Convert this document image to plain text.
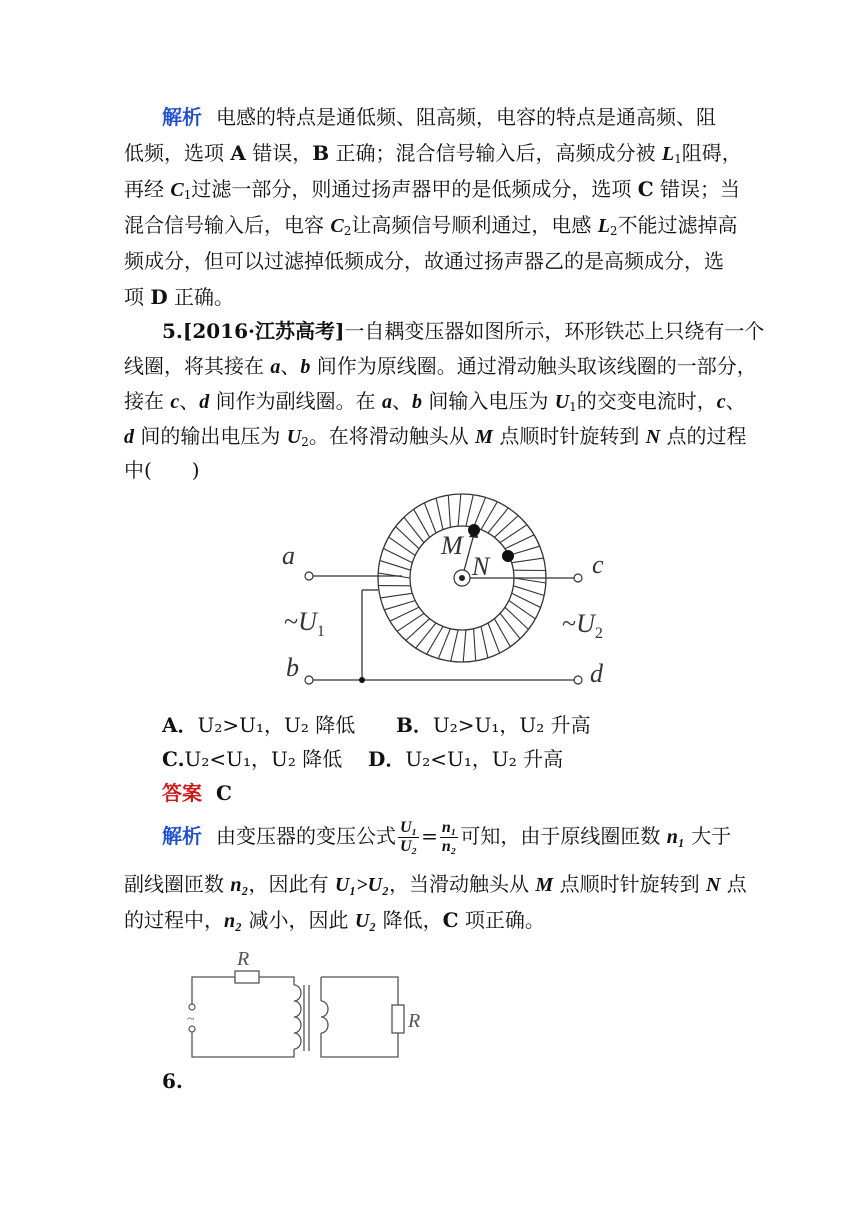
解析 电感的特点是通低频、阻高频，电容的特点是通高频、阻
低频，选项 A 错误，B 正确；混合信号输入后，高频成分被 $L_1$阻碍，
再经 $C_1$过滤一部分，则通过扬声器甲的是低频成分，选项 C 错误；当
混合信号输入后，电容 $C_2$让高频信号顺利通过，电感 $L_2$不能过滤掉高
频成分，但可以过滤掉低频成分，故通过扬声器乙的是高频成分，选
项 D 正确。
5.[2016·江苏高考]一自耦变压器如图所示，环形铁芯上只绕有一个
线圈，将其接在 a、b 间作为原线圈。通过滑动触头取该线圈的一部分，
接在 c、d 间作为副线圈。在 a、b 间输入电压为 $U_1$的交变电流时，c、
d 间的输出电压为 $U_2$。在将滑动触头从 M 点顺时针旋转到 N 点的过程
中(　　)
a
b
c
d
M
N
$\sim U_1$	$\sim U_2$
A．U₂>U₁，U₂ 降低 B．U₂>U₁，U₂ 升高
C.U₂<U₁，U₂ 降低 D．U₂<U₁，U₂ 升高
答案 C
解析 由变压器的变压公式 $\frac{\text{U₁}}{\text{U₂}} = \frac{\text{n₁}}{\text{n₂}}$ 可知，由于原线圈匝数 n₁ 大于
副线圈匝数 n₂，因此有 U₁>U₂，当滑动触头从 M 点顺时针旋转到 N 点
的过程中，n₂ 减小，因此 U₂ 降低，C 项正确。
~
R
R
6.
